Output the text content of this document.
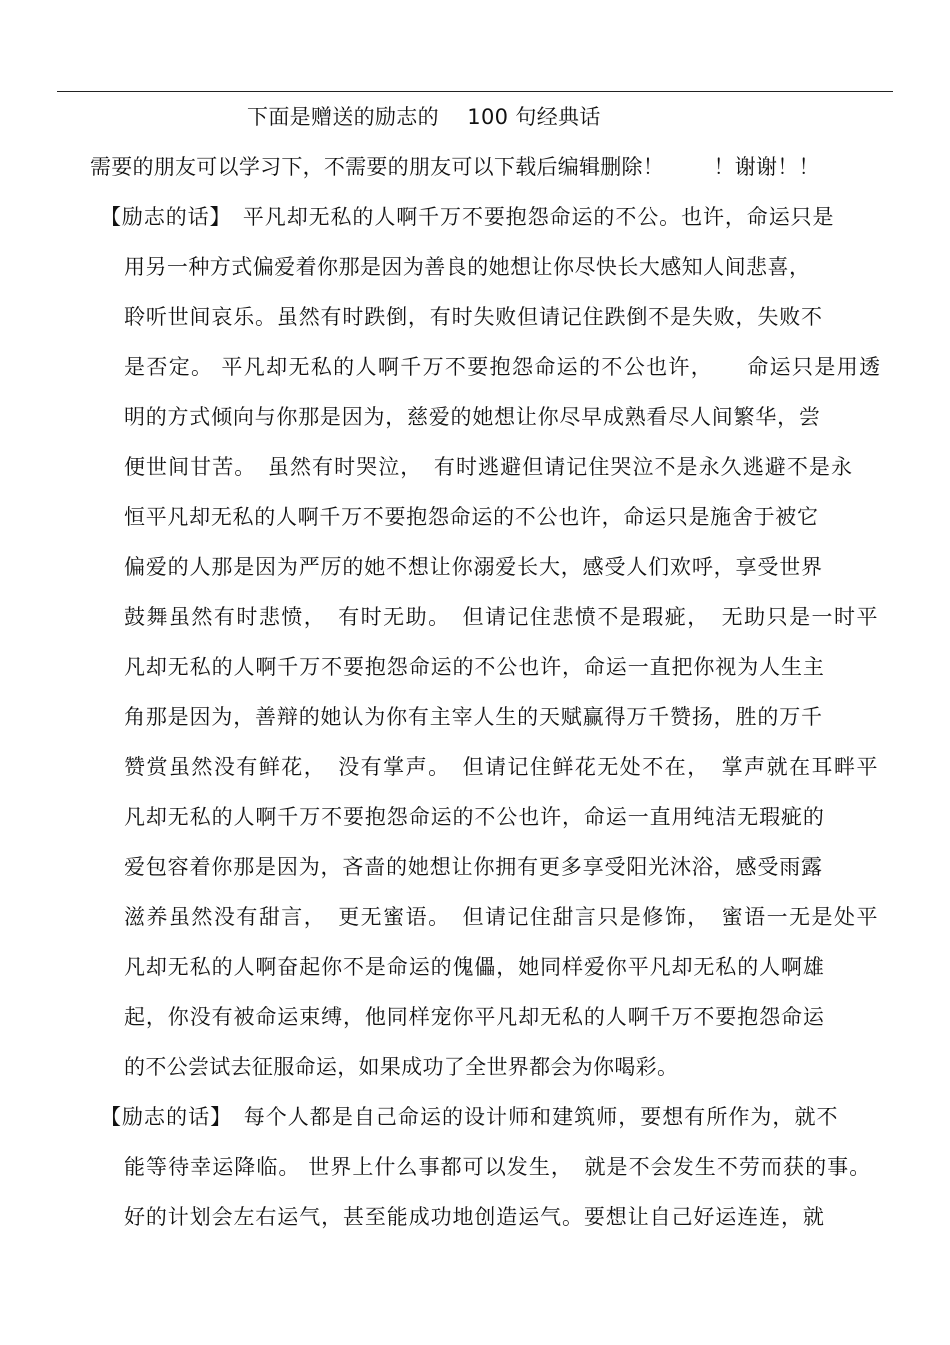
下面是赠送的励志的　 100 句经典话
需要的朋友可以学习下，不需要的朋友可以下载后编辑删除！　　 ！谢谢！！
【励志的话】　平凡却无私的人啊千万不要抱怨命运的不公。也许，命运只是
用另一种方式偏爱着你那是因为善良的她想让你尽快长大感知人间悲喜，
聆听世间哀乐。虽然有时跌倒，有时失败但请记住跌倒不是失败，失败不
是否定。 平凡却无私的人啊千万不要抱怨命运的不公也许，　　命运只是用透
明的方式倾向与你那是因为，慈爱的她想让你尽早成熟看尽人间繁华，尝
便世间甘苦。　虽然有时哭泣，　有时逃避但请记住哭泣不是永久逃避不是永
恒平凡却无私的人啊千万不要抱怨命运的不公也许，命运只是施舍于被它
偏爱的人那是因为严厉的她不想让你溺爱长大，感受人们欢呼，享受世界
鼓舞虽然有时悲愤，　有时无助。　但请记住悲愤不是瑕疵，　无助只是一时平
凡却无私的人啊千万不要抱怨命运的不公也许，命运一直把你视为人生主
角那是因为，善辩的她认为你有主宰人生的天赋赢得万千赞扬，胜的万千
赞赏虽然没有鲜花，　没有掌声。　但请记住鲜花无处不在，　掌声就在耳畔平
凡却无私的人啊千万不要抱怨命运的不公也许，命运一直用纯洁无瑕疵的
爱包容着你那是因为，吝啬的她想让你拥有更多享受阳光沐浴，感受雨露
滋养虽然没有甜言，　更无蜜语。　但请记住甜言只是修饰，　蜜语一无是处平
凡却无私的人啊奋起你不是命运的傀儡，她同样爱你平凡却无私的人啊雄
起，你没有被命运束缚，他同样宠你平凡却无私的人啊千万不要抱怨命运
的不公尝试去征服命运，如果成功了全世界都会为你喝彩。
【励志的话】　每个人都是自己命运的设计师和建筑师，要想有所作为，就不
能等待幸运降临。 世界上什么事都可以发生，　就是不会发生不劳而获的事。
好的计划会左右运气，甚至能成功地创造运气。要想让自己好运连连，就
